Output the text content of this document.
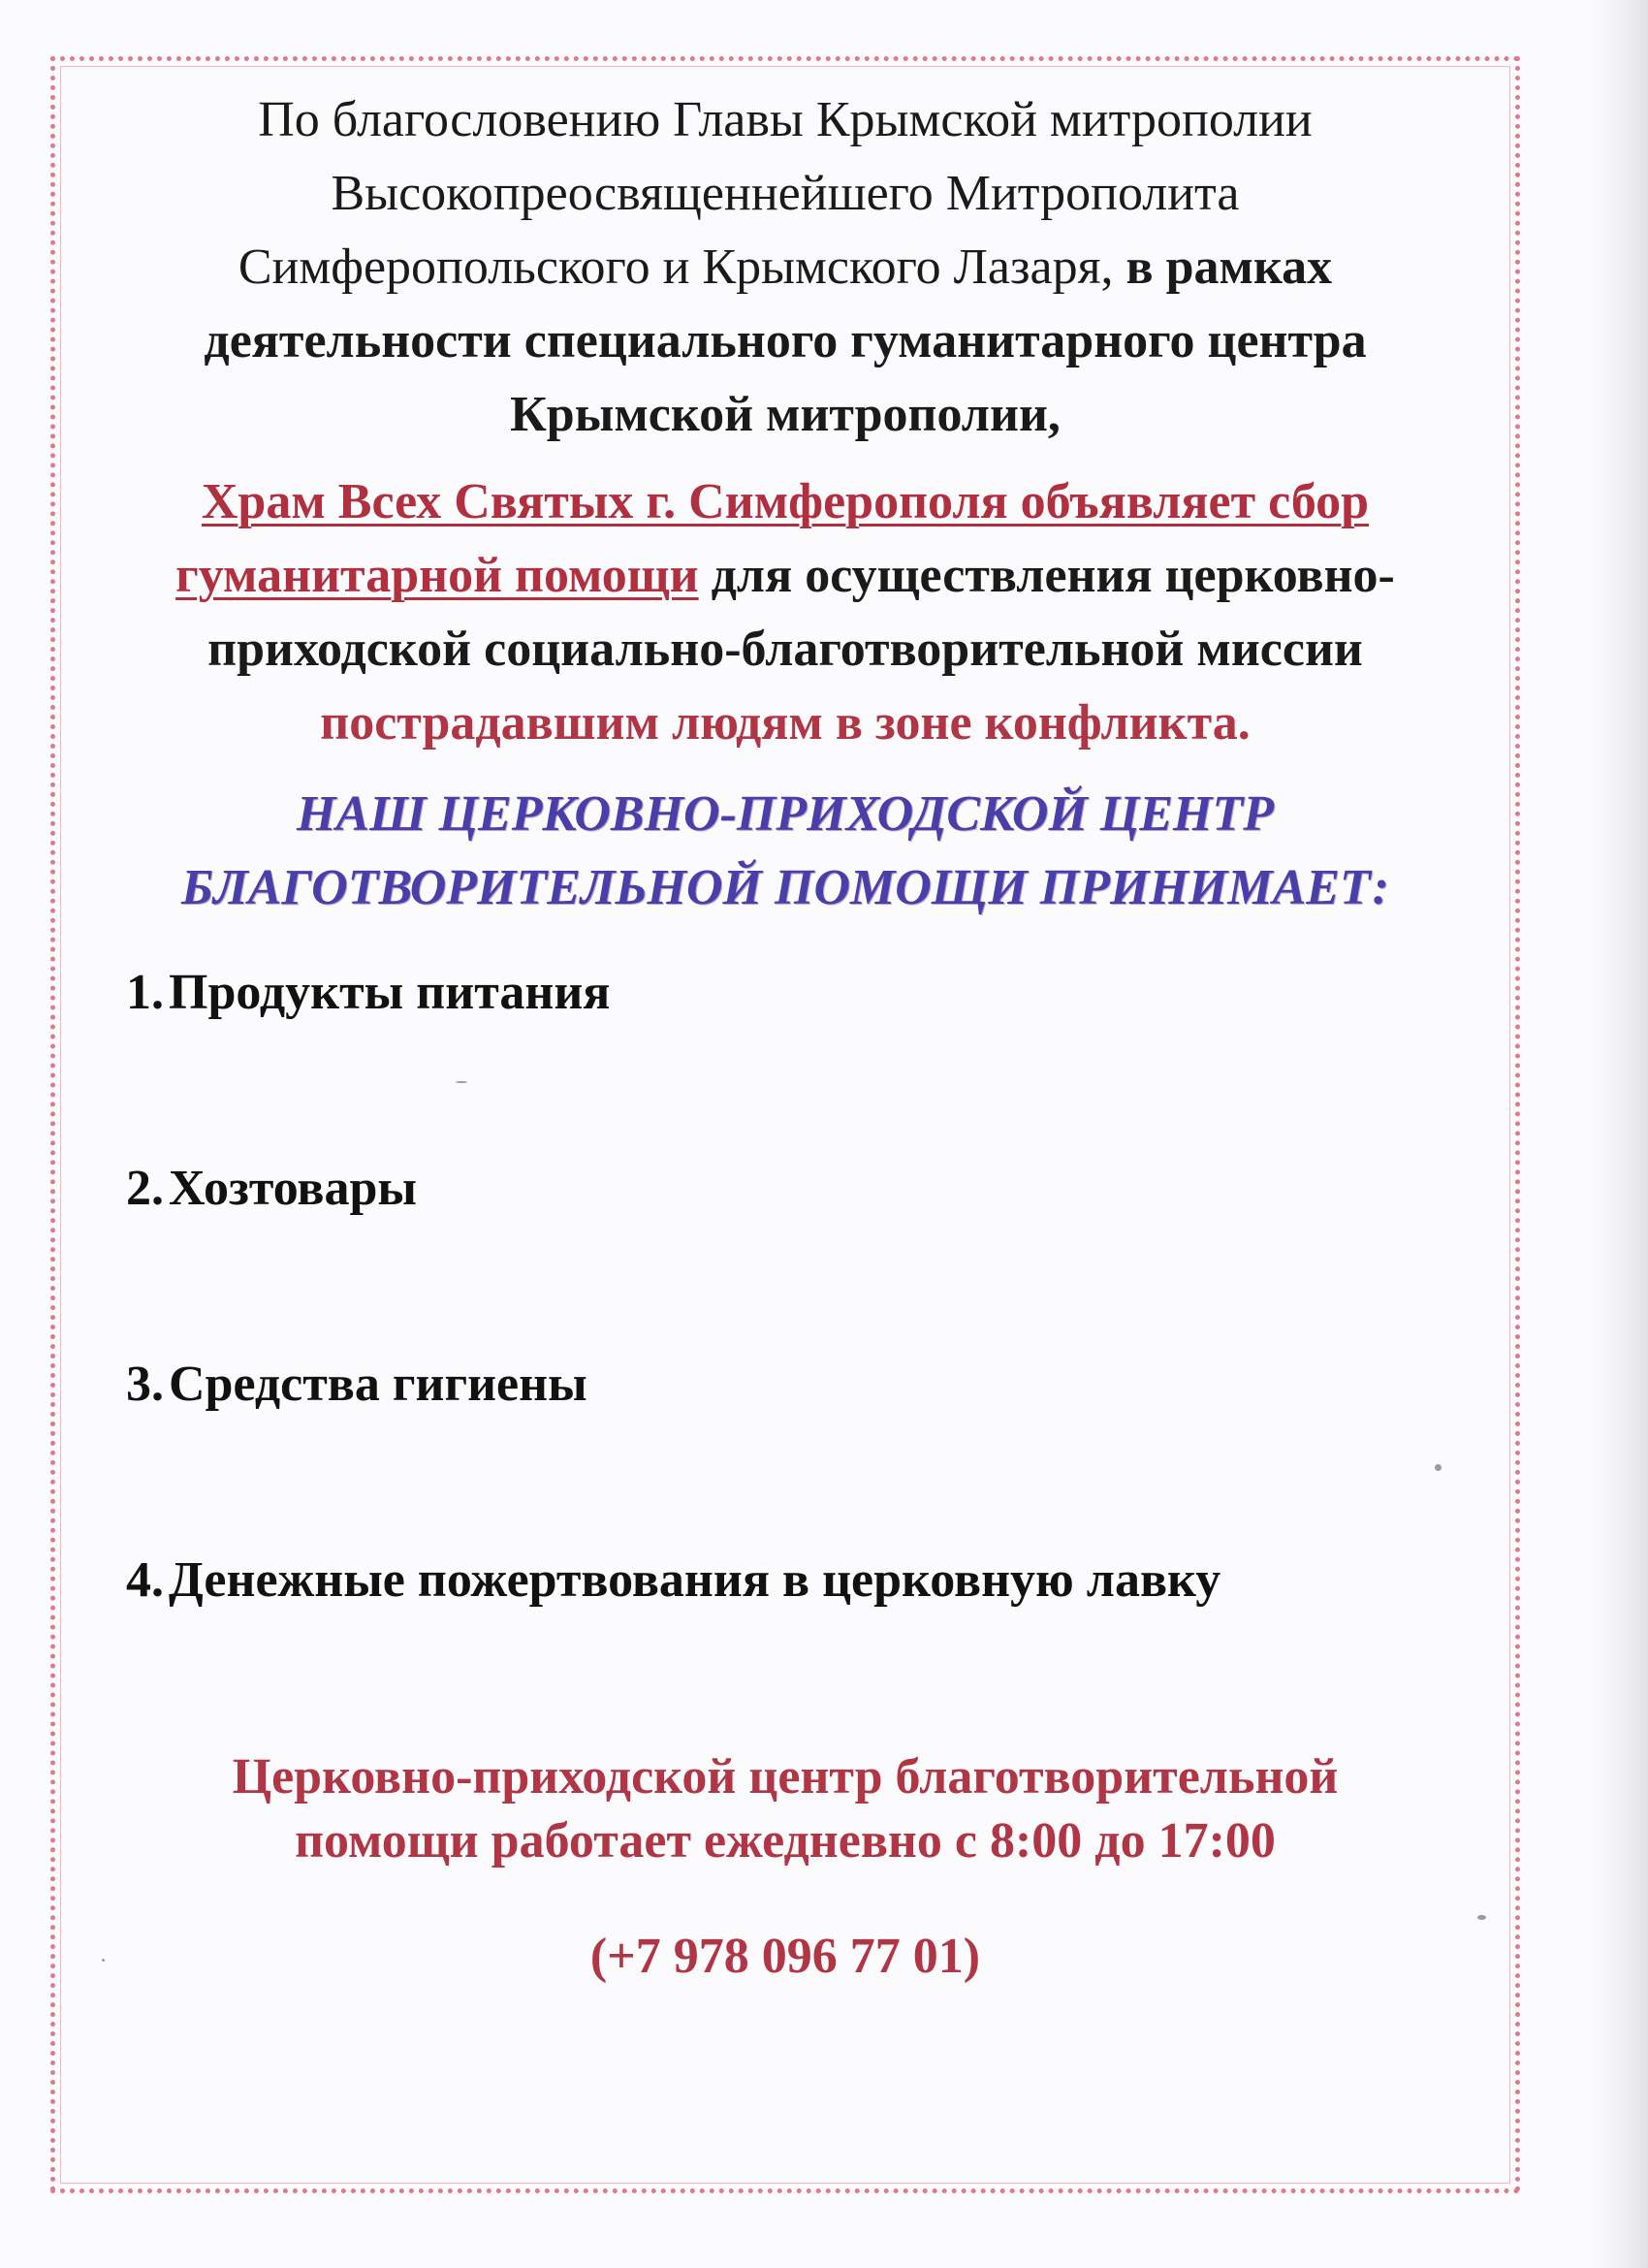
По благословению Главы Крымской митрополии
Высокопреосвященнейшего Митрополита
Симферопольского и Крымского Лазаря, в рамках
деятельности специального гуманитарного центра
Крымской митрополии,

Храм Всех Святых г. Симферополя объявляет сбор
гуманитарной помощи для осуществления церковно-
приходской социально-благотворительной миссии
пострадавшим людям в зоне конфликта.

НАШ ЦЕРКОВНО-ПРИХОДСКОЙ ЦЕНТР
БЛАГОТВОРИТЕЛЬНОЙ ПОМОЩИ ПРИНИМАЕТ:

1.Продукты питания
2.Хозтовары
3.Средства гигиены
4.Денежные пожертвования в церковную лавку

Церковно-приходской центр благотворительной
помощи работает ежедневно с 8:00 до 17:00

(+7 978 096 77 01)
